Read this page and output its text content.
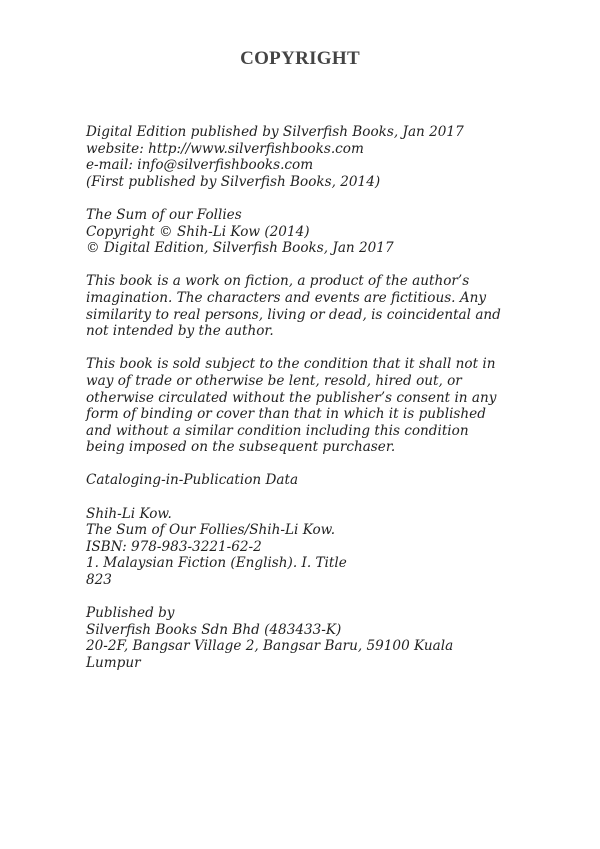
COPYRIGHT

Digital Edition published by Silverfish Books, Jan 2017
website: http://www.silverfishbooks.com
e-mail: info@silverfishbooks.com
(First published by Silverfish Books, 2014)

The Sum of our Follies
Copyright © Shih-Li Kow (2014)
© Digital Edition, Silverfish Books, Jan 2017

This book is a work on fiction, a product of the author’s
imagination. The characters and events are fictitious. Any
similarity to real persons, living or dead, is coincidental and
not intended by the author.

This book is sold subject to the condition that it shall not in
way of trade or otherwise be lent, resold, hired out, or
otherwise circulated without the publisher’s consent in any
form of binding or cover than that in which it is published
and without a similar condition including this condition
being imposed on the subsequent purchaser.

Cataloging-in-Publication Data

Shih-Li Kow.
The Sum of Our Follies/Shih-Li Kow.
ISBN: 978-983-3221-62-2
1. Malaysian Fiction (English). I. Title
823

Published by
Silverfish Books Sdn Bhd (483433-K)
20-2F, Bangsar Village 2, Bangsar Baru, 59100 Kuala
Lumpur
